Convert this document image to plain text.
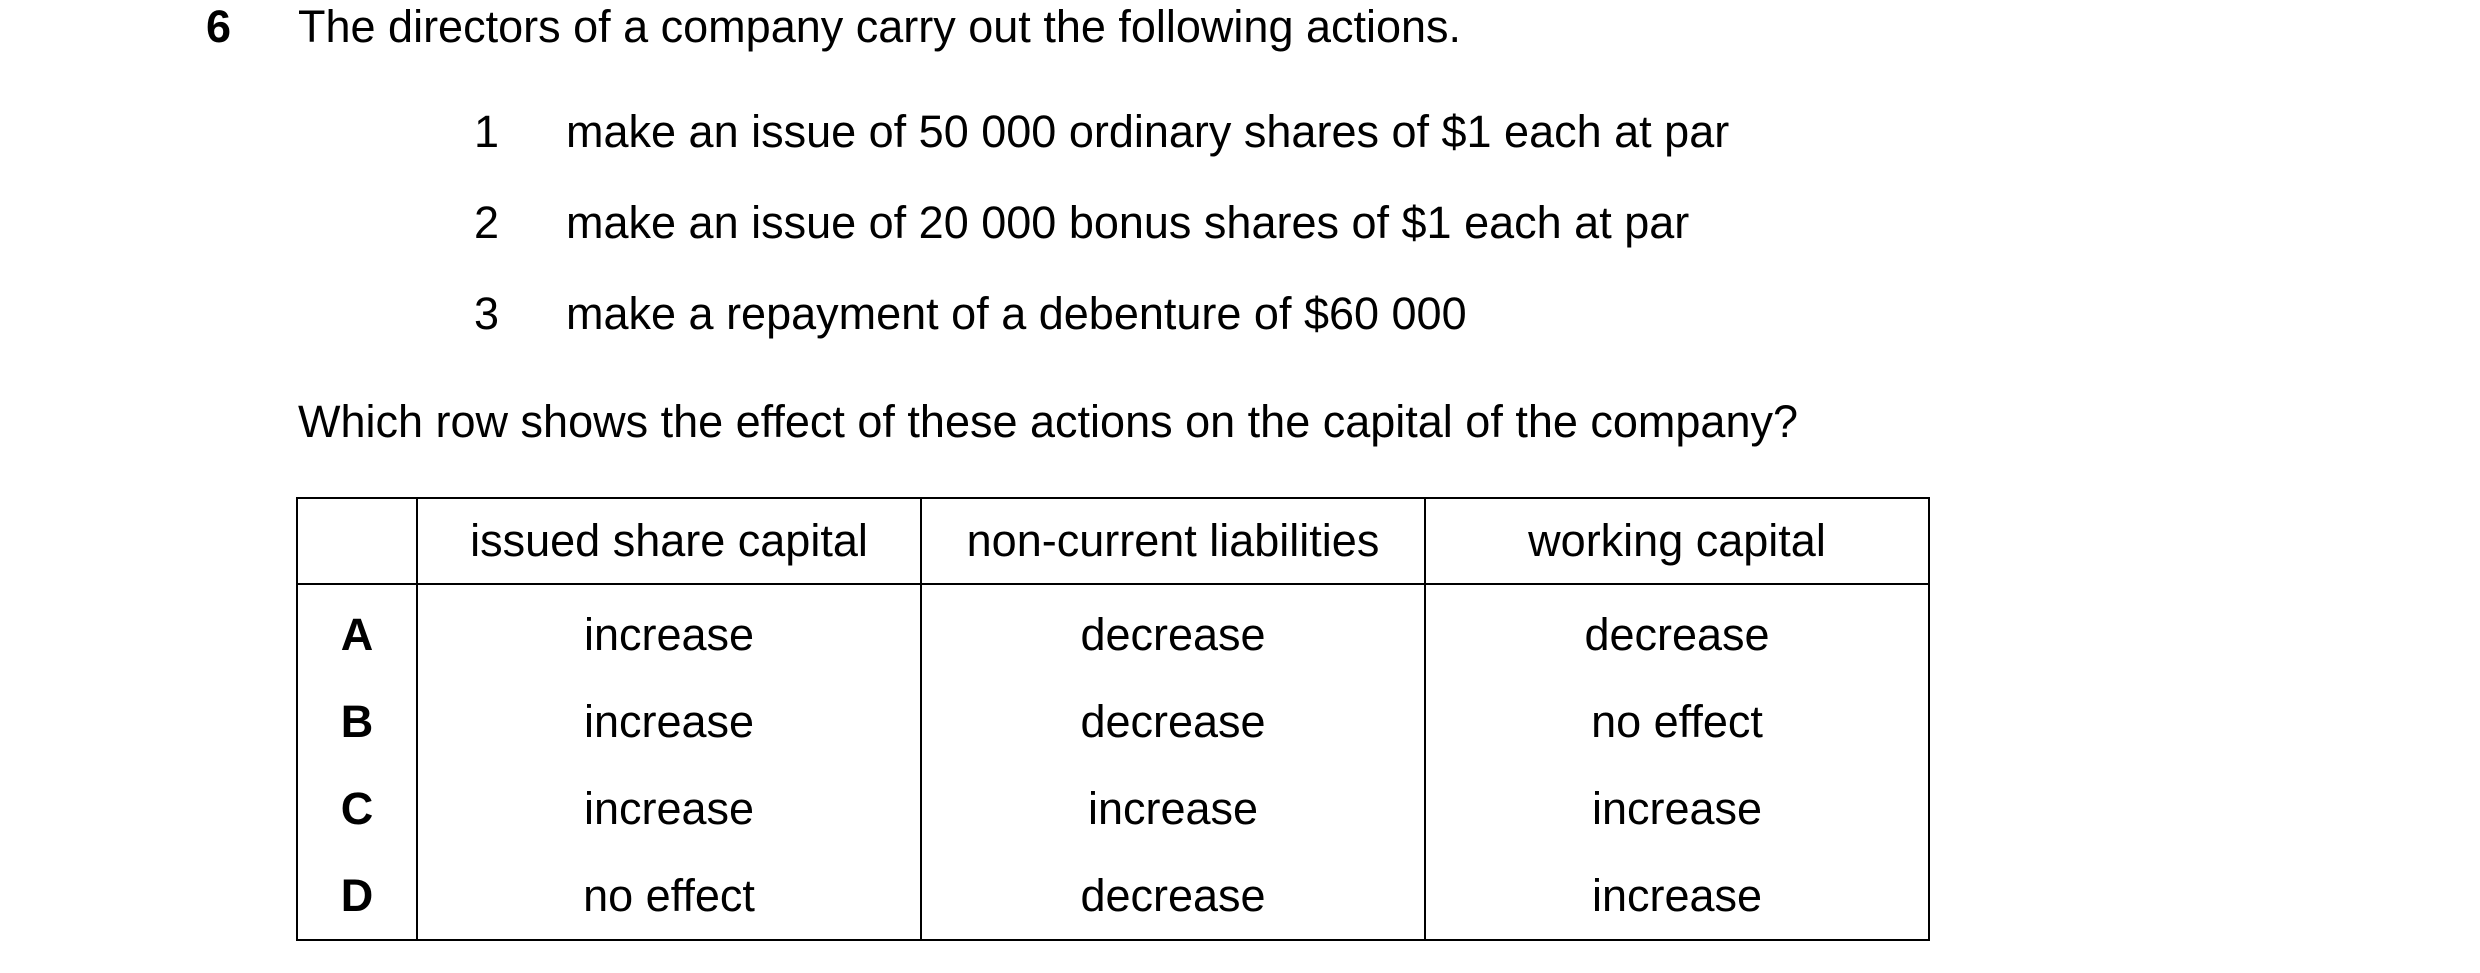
6 The directors of a company carry out the following actions.
1 make an issue of 50 000 ordinary shares of $1 each at par
2 make an issue of 20 000 bonus shares of $1 each at par
3 make a repayment of a debenture of $60 000
Which row shows the effect of these actions on the capital of the company?
	issued share capital	non-current liabilities	working capital
A	increase	decrease	decrease
B	increase	decrease	no effect
C	increase	increase	increase
D	no effect	decrease	increase
